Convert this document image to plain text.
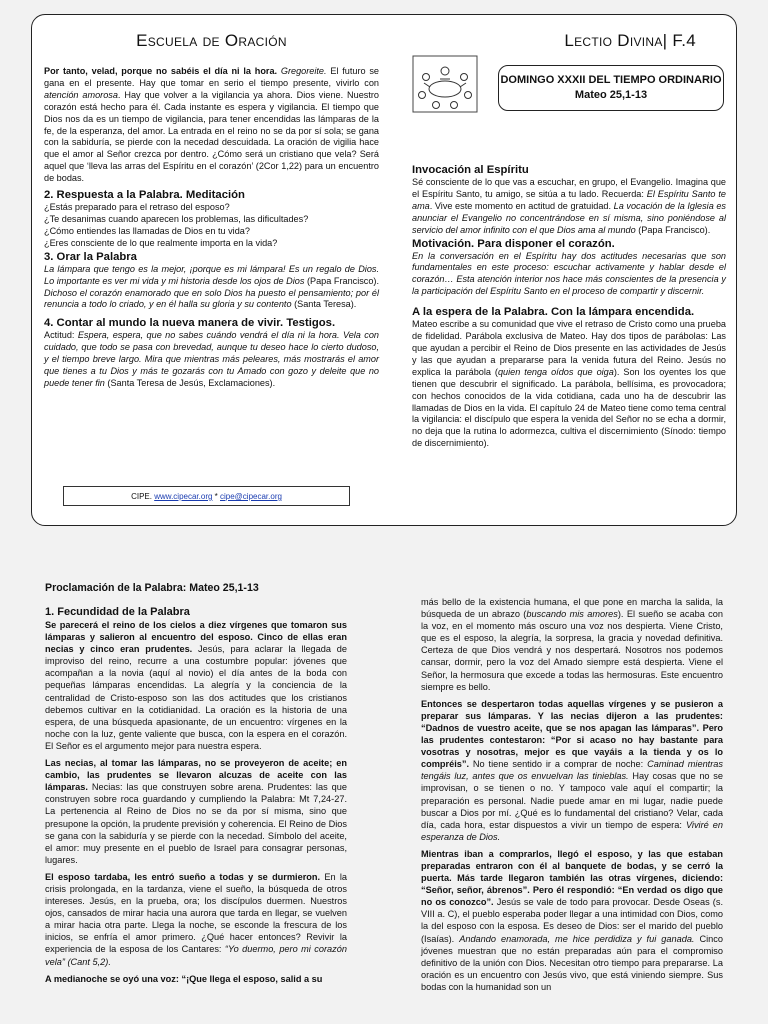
Escuela de Oración

Por tanto, velad, porque no sabéis el día ni la hora. Gregoreite. El futuro se gana en el presente. Hay que tomar en serio el tiempo presente, vivirlo con atención amorosa. Hay que volver a la vigilancia ya ahora. Dios viene. Nuestro corazón está hecho para él. Cada instante es espera y vigilancia. El tiempo que Dios nos da es un tiempo de vigilancia, para tener encendidas las lámparas de la fe, de la esperanza, del amor. La entrada en el reino no se da por sí sola; se gana con la sabiduría, se pierde con la necedad descuidada. La oración de vigilia hace que el amor al Señor crezca por dentro. ¿Cómo será un cristiano que vela? Será aquel que ‘lleva las arras del Espíritu en el corazón’ (2Cor 1,22) para un encuentro de bodas.

2. Respuesta a la Palabra. Meditación

¿Estás preparado para el retraso del esposo?
¿Te desanimas cuando aparecen los problemas, las dificultades?
¿Cómo entiendes las llamadas de Dios en tu vida?
¿Eres consciente de lo que realmente importa en la vida?

3. Orar la Palabra

La lámpara que tengo es la mejor, ¡porque es mi lámpara! Es un regalo de Dios. Lo importante es ver mi vida y mi historia desde los ojos de Dios (Papa Francisco). Dichoso el corazón enamorado que en solo Dios ha puesto el pensamiento; por él renuncia a todo lo criado, y en él halla su gloria y su contento (Santa Teresa).

4. Contar al mundo la nueva manera de vivir. Testigos.

Actitud: Espera, espera, que no sabes cuándo vendrá el día ni la hora. Vela con cuidado, que todo se pasa con brevedad, aunque tu deseo hace lo cierto dudoso, y el tiempo breve largo. Mira que mientras más peleares, más mostrarás el amor que tienes a tu Dios y más te gozarás con tu Amado con gozo y deleite que no puede tener fin (Santa Teresa de Jesús, Exclamaciones).

CIPE. www.cipecar.org * cipe@cipecar.org
Lectio Divina| F.4
DOMINGO XXXII DEL TIEMPO ORDINARIO
Mateo 25,1-13
Invocación al Espíritu

Sé consciente de lo que vas a escuchar, en grupo, el Evangelio. Imagina que el Espíritu Santo, tu amigo, se sitúa a tu lado. Recuerda: El Espíritu Santo te ama. Vive este momento en actitud de gratuidad. La vocación de la Iglesia es anunciar el Evangelio no concentrándose en sí misma, sino poniéndose al servicio del amor infinito con el que Dios ama al mundo (Papa Francisco).

Motivación. Para disponer el corazón.

En la conversación en el Espíritu hay dos actitudes necesarias que son fundamentales en este proceso: escuchar activamente y hablar desde el corazón… Esta atención interior nos hace más conscientes de la presencia y la participación del Espíritu Santo en el proceso de compartir y discernir.

A la espera de la Palabra. Con la lámpara encendida.

Mateo escribe a su comunidad que vive el retraso de Cristo como una prueba de fidelidad. Parábola exclusiva de Mateo. Hay dos tipos de parábolas: Las que ayudan a percibir el Reino de Dios presente en las actividades de Jesús y las que ayudan a prepararse para la venida futura del Reino. Jesús no explica la parábola (quien tenga oídos que oiga). Son los oyentes los que tienen que descubrir el significado. La parábola, bellísima, es provocadora; con hechos conocidos de la vida cotidiana, cada uno ha de descubrir las llamadas de Dios en la vida. El capítulo 24 de Mateo tiene como tema central la vigilancia: el discípulo que espera la venida del Señor no se echa a dormir, no deja que la rutina lo adormezca, cultiva el discernimiento (Sínodo: tiempo de discernimiento).

Proclamación de la Palabra: Mateo 25,1-13
1. Fecundidad de la Palabra

Se parecerá el reino de los cielos a diez vírgenes que tomaron sus lámparas y salieron al encuentro del esposo. Cinco de ellas eran necias y cinco eran prudentes. Jesús, para aclarar la llegada de improviso del reino, recurre a una costumbre popular: jóvenes que acompañan a la novia (aquí al novio) el día antes de la boda con pequeñas lámparas encendidas. La alegría y la conciencia de la centralidad de Cristo-esposo son las dos actitudes que los cristianos debemos cultivar en la cotidianidad. La oración es la historia de una espera, de una búsqueda apasionante, de un encuentro: vírgenes en la noche con la luz, gente valiente que busca, con la espera en el corazón. El Señor es el argumento mejor para nuestra espera.

Las necias, al tomar las lámparas, no se proveyeron de aceite; en cambio, las prudentes se llevaron alcuzas de aceite con las lámparas. Necias: las que construyen sobre arena. Prudentes: las que construyen sobre roca guardando y cumpliendo la Palabra: Mt 7,24-27. La pertenencia al Reino de Dios no se da por sí misma, sino que presupone la opción, la prudente previsión y coherencia. El Reino de Dios se gana con la sabiduría y se pierde con la necedad. Símbolo del aceite, el amor: muy presente en el pueblo de Israel para consagrar personas, lugares.

El esposo tardaba, les entró sueño a todas y se durmieron. En la crisis prolongada, en la tardanza, viene el sueño, la búsqueda de otros intereses. Jesús, en la prueba, ora; los discípulos duermen. Nuestros ojos, cansados de mirar hacia una aurora que tarda en llegar, se vuelven a mirar hacia otra parte. Llega la noche, se esconde la frescura de los inicios, se enfría el amor primero. ¿Qué hacer entonces? Revivir la experiencia de la esposa de los Cantares: “Yo duermo, pero mi corazón vela” (Cant 5,2).

A medianoche se oyó una voz: “¡Que llega el esposo, salid a su

más bello de la existencia humana, el que pone en marcha la salida, la búsqueda de un abrazo (buscando mis amores). El sueño se acaba con la voz, en el momento más oscuro una voz nos despierta. Viene Cristo, que es el esposo, la alegría, la sorpresa, la gracia y novedad definitiva. Certeza de que Dios vendrá y nos despertará. Nosotros nos podemos cansar, dormir, pero la voz del Amado siempre está despierta. Viene el Señor, la hermosura que excede a todas las hermosuras. Este encuentro siempre es bello.

Entonces se despertaron todas aquellas vírgenes y se pusieron a preparar sus lámparas. Y las necias dijeron a las prudentes: “Dadnos de vuestro aceite, que se nos apagan las lámparas”. Pero las prudentes contestaron: “Por si acaso no hay bastante para vosotras y nosotras, mejor es que vayáis a la tienda y os lo compréis”. No tiene sentido ir a comprar de noche: Caminad mientras tengáis luz, antes que os envuelvan las tinieblas. Hay cosas que no se improvisan, o se tienen o no. Y tampoco vale aquí el compartir; la preparación es personal. Nadie puede amar en mi lugar, nadie puede buscar a Dios por mí. ¿Qué es lo fundamental del cristiano? Velar, cada día, cada hora, estar dispuestos a vivir un tiempo de espera: Viviré en esperanza de Dios.

Mientras iban a comprarlos, llegó el esposo, y las que estaban preparadas entraron con él al banquete de bodas, y se cerró la puerta. Más tarde llegaron también las otras vírgenes, diciendo: “Señor, señor, ábrenos”. Pero él respondió: “En verdad os digo que no os conozco”. Jesús se vale de todo para provocar. Desde Oseas (s. VIII a. C), el pueblo esperaba poder llegar a una intimidad con Dios, como la del esposo con la esposa. Es deseo de Dios: ser el marido del pueblo (Isaías). Andando enamorada, me hice perdidiza y fui ganada. Cinco jóvenes muestran que no están preparadas aún para el compromiso definitivo de la unión con Dios. Necesitan otro tiempo para prepararse. La oración es un encuentro con Jesús vivo, que está viniendo siempre. Sus bodas con la humanidad son un
